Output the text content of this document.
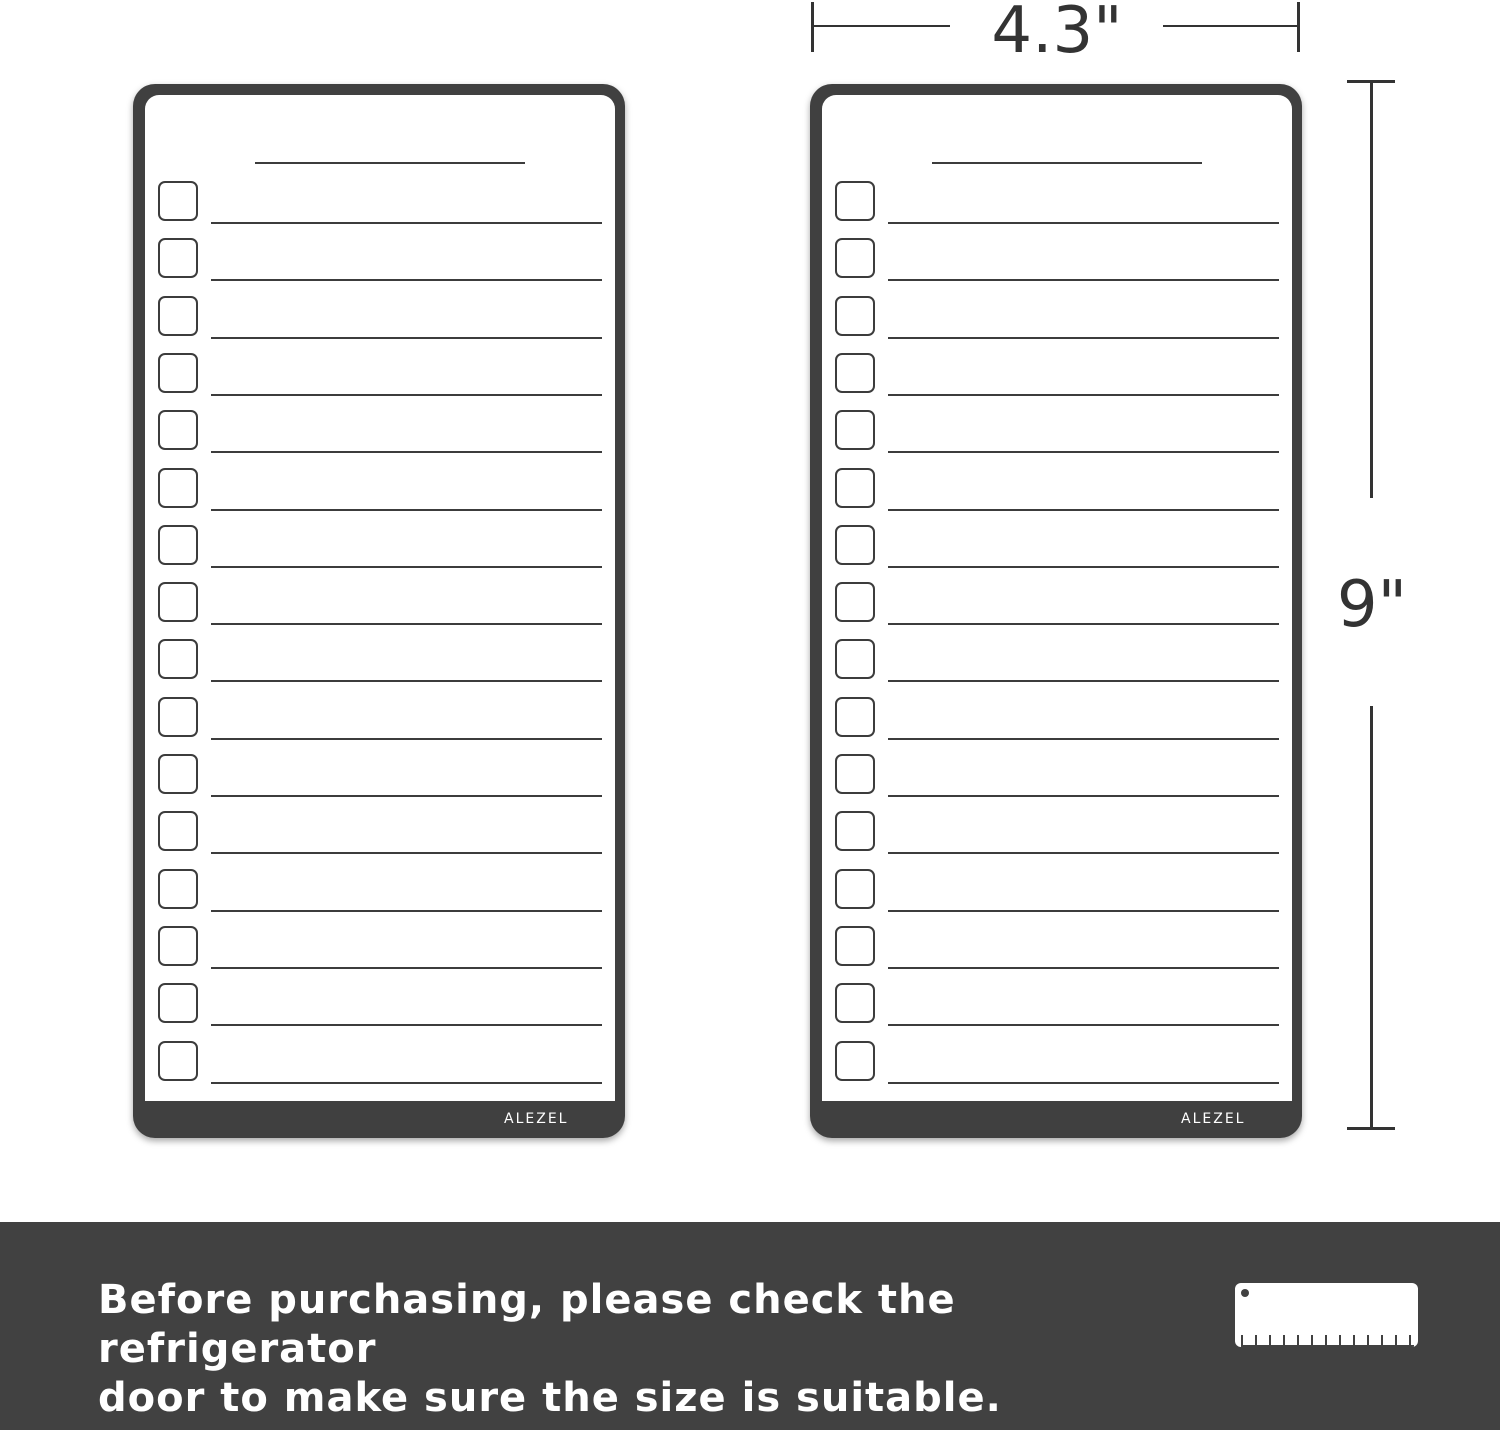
ALEZEL	ALEZEL
4.3"
9"

Before purchasing, please check the refrigerator
door to make sure the size is suitable.
